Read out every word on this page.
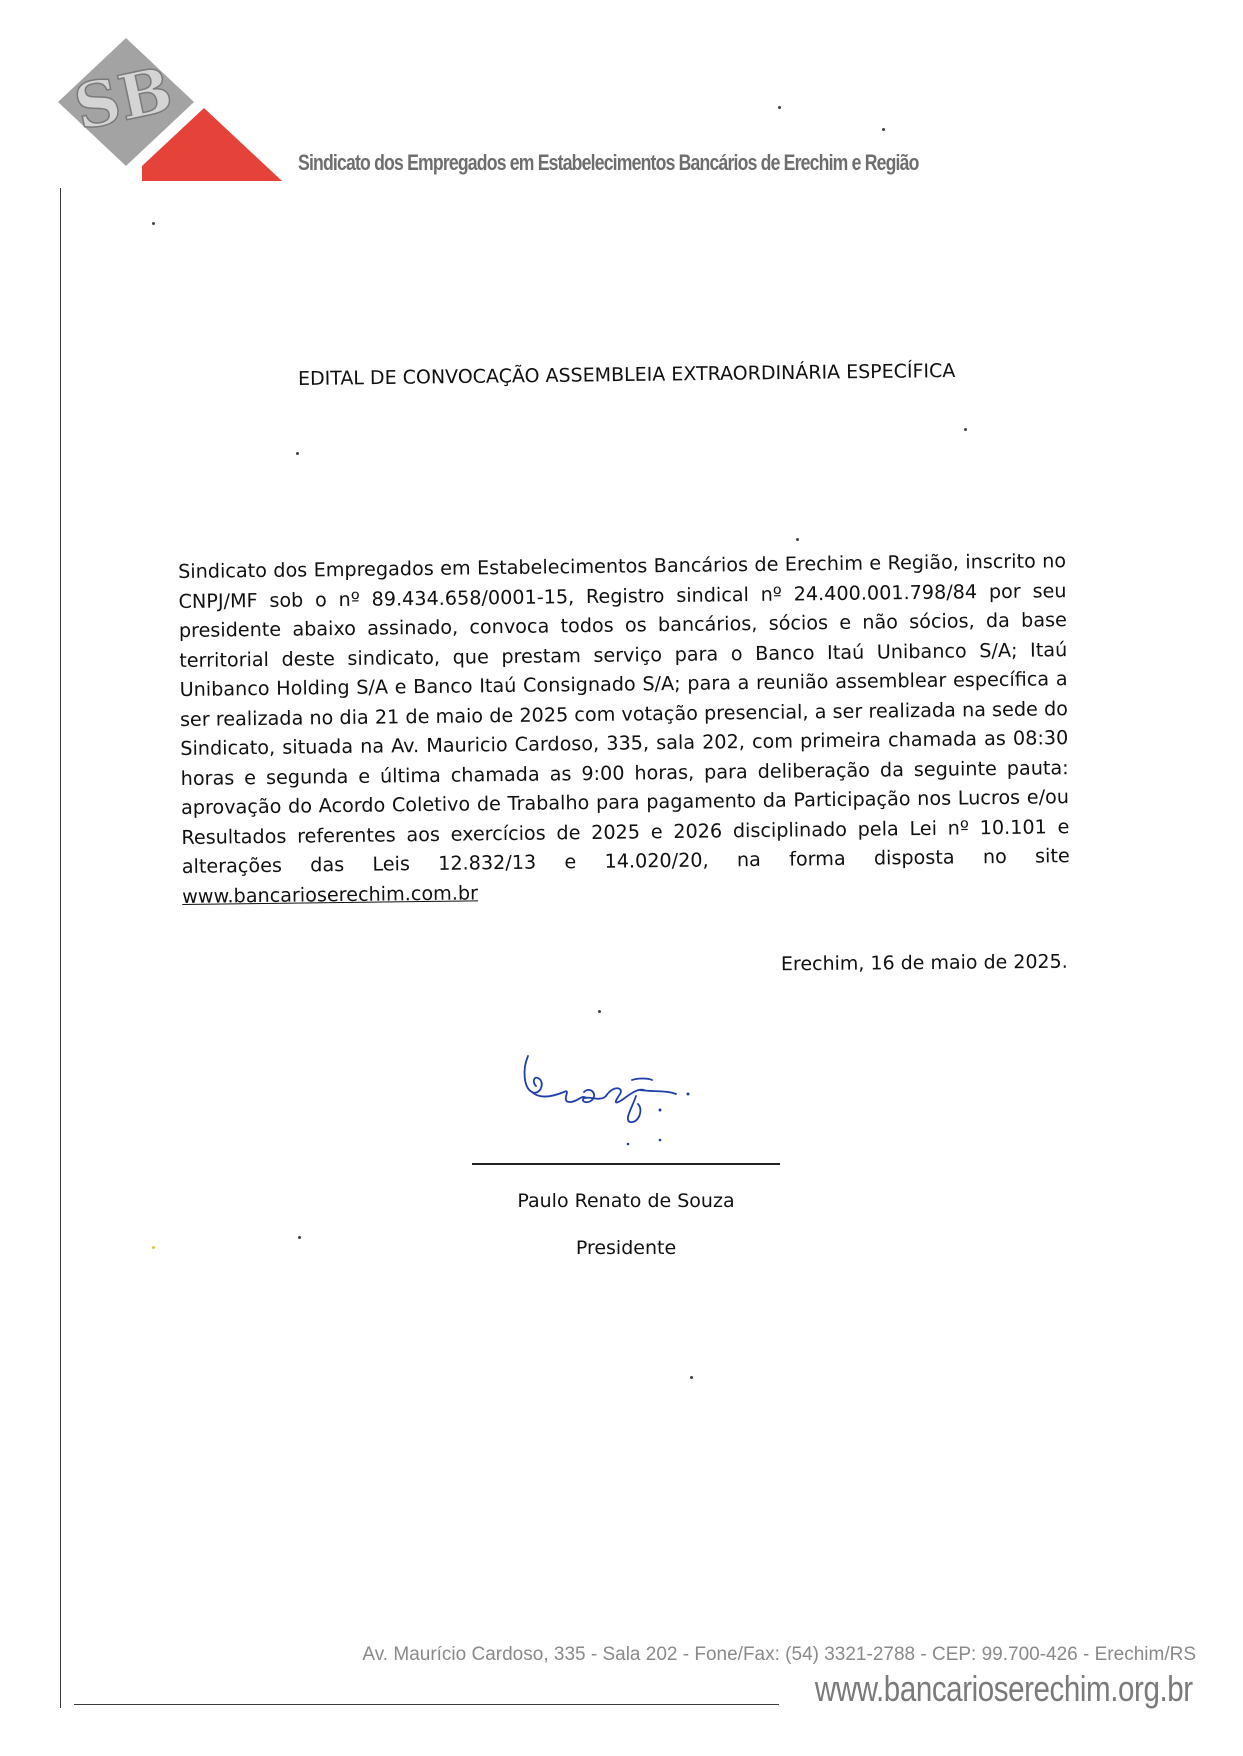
SB
Sindicato dos Empregados em Estabelecimentos Bancários de Erechim e Região
EDITAL DE CONVOCAÇÃO ASSEMBLEIA EXTRAORDINÁRIA ESPECÍFICA
Sindicato dos Empregados em Estabelecimentos Bancários de Erechim e Região, inscrito no CNPJ/MF sob o nº 89.434.658/0001-15, Registro sindical nº 24.400.001.798/84 por seu presidente abaixo assinado, convoca todos os bancários, sócios e não sócios, da base territorial deste sindicato, que prestam serviço para o Banco Itaú Unibanco S/A; Itaú Unibanco Holding S/A e Banco Itaú Consignado S/A; para a reunião assemblear específica a ser realizada no dia 21 de maio de 2025 com votação presencial, a ser realizada na sede do Sindicato, situada na Av. Mauricio Cardoso, 335, sala 202, com primeira chamada as 08:30 horas e segunda e última chamada as 9:00 horas, para deliberação da seguinte pauta: aprovação do Acordo Coletivo de Trabalho para pagamento da Participação nos Lucros e/ou Resultados referentes aos exercícios de 2025 e 2026 disciplinado pela Lei nº 10.101 e alterações das Leis 12.832/13 e 14.020/20, na forma disposta no site www.bancarioserechim.com.br
Erechim, 16 de maio de 2025.
Paulo Renato de Souza
Presidente
Av. Maurício Cardoso, 335 - Sala 202 - Fone/Fax: (54) 3321-2788 - CEP: 99.700-426 - Erechim/RS
www.bancarioserechim.org.br
